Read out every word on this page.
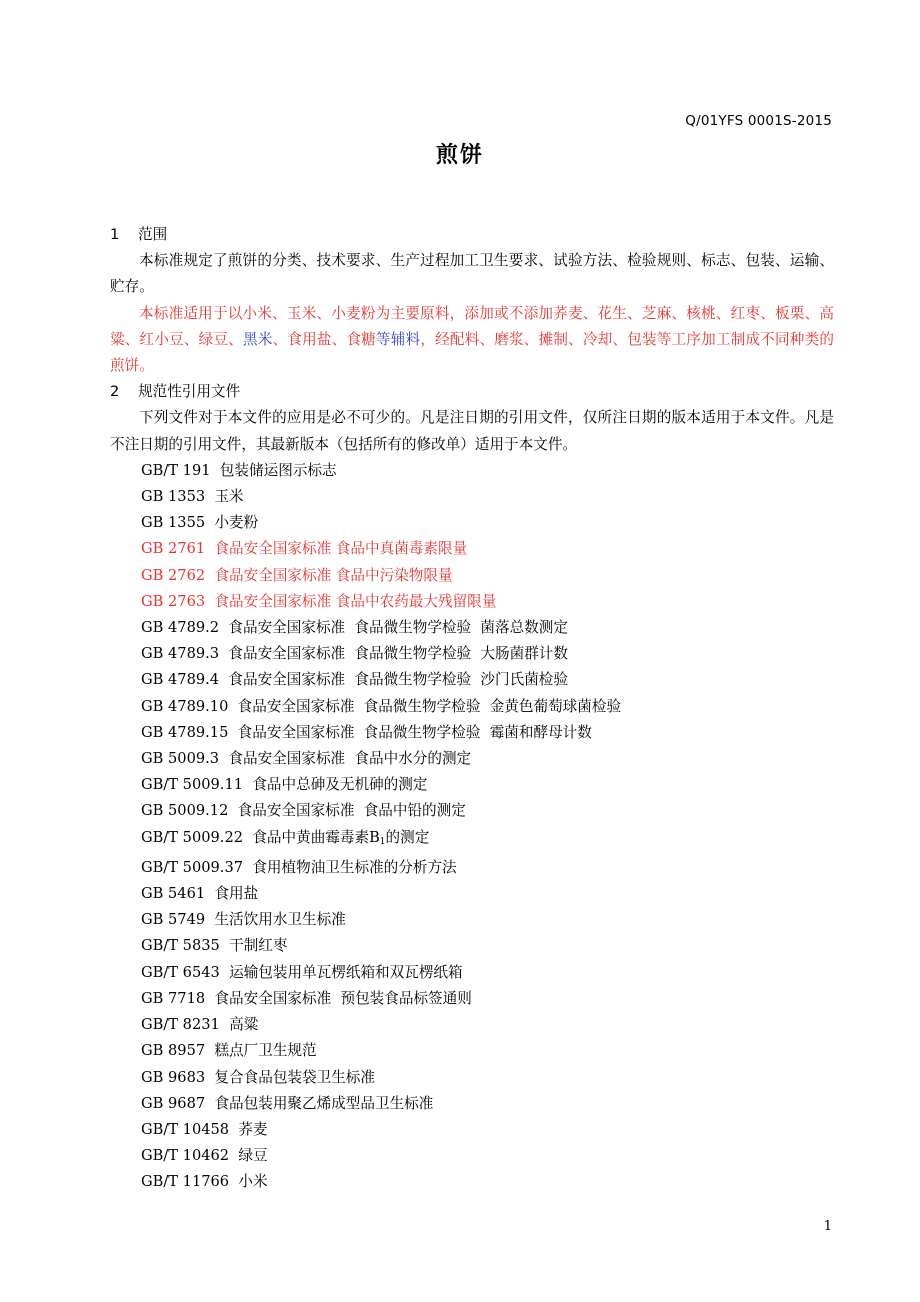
Q/01YFS 0001S-2015
煎饼
1 范围
本标准规定了煎饼的分类、技术要求、生产过程加工卫生要求、试验方法、检验规则、标志、包装、运输、贮存。
本标准适用于以小米、玉米、小麦粉为主要原料，添加或不添加荞麦、花生、芝麻、核桃、红枣、板栗、高粱、红小豆、绿豆、黑米、食用盐、食糖等辅料，经配料、磨浆、摊制、冷却、包装等工序加工制成不同种类的煎饼。
2 规范性引用文件
下列文件对于本文件的应用是必不可少的。凡是注日期的引用文件，仅所注日期的版本适用于本文件。凡是不注日期的引用文件，其最新版本（包括所有的修改单）适用于本文件。
GB/T 191 包装储运图示标志
GB 1353 玉米
GB 1355 小麦粉
GB 2761 食品安全国家标准 食品中真菌毒素限量
GB 2762 食品安全国家标准 食品中污染物限量
GB 2763 食品安全国家标准 食品中农药最大残留限量
GB 4789.2 食品安全国家标准  食品微生物学检验  菌落总数测定
GB 4789.3 食品安全国家标准  食品微生物学检验  大肠菌群计数
GB 4789.4 食品安全国家标准  食品微生物学检验  沙门氏菌检验
GB 4789.10 食品安全国家标准  食品微生物学检验  金黄色葡萄球菌检验
GB 4789.15 食品安全国家标准  食品微生物学检验  霉菌和酵母计数
GB 5009.3 食品安全国家标准  食品中水分的测定
GB/T 5009.11 食品中总砷及无机砷的测定
GB 5009.12 食品安全国家标准  食品中铅的测定
GB/T 5009.22 食品中黄曲霉毒素$B_1$的测定
GB/T 5009.37 食用植物油卫生标准的分析方法
GB 5461 食用盐
GB 5749 生活饮用水卫生标准
GB/T 5835 干制红枣
GB/T 6543 运输包装用单瓦楞纸箱和双瓦楞纸箱
GB 7718 食品安全国家标准  预包装食品标签通则
GB/T 8231 高粱
GB 8957 糕点厂卫生规范
GB 9683 复合食品包装袋卫生标准
GB 9687 食品包装用聚乙烯成型品卫生标准
GB/T 10458 荞麦
GB/T 10462 绿豆
GB/T 11766 小米
1
